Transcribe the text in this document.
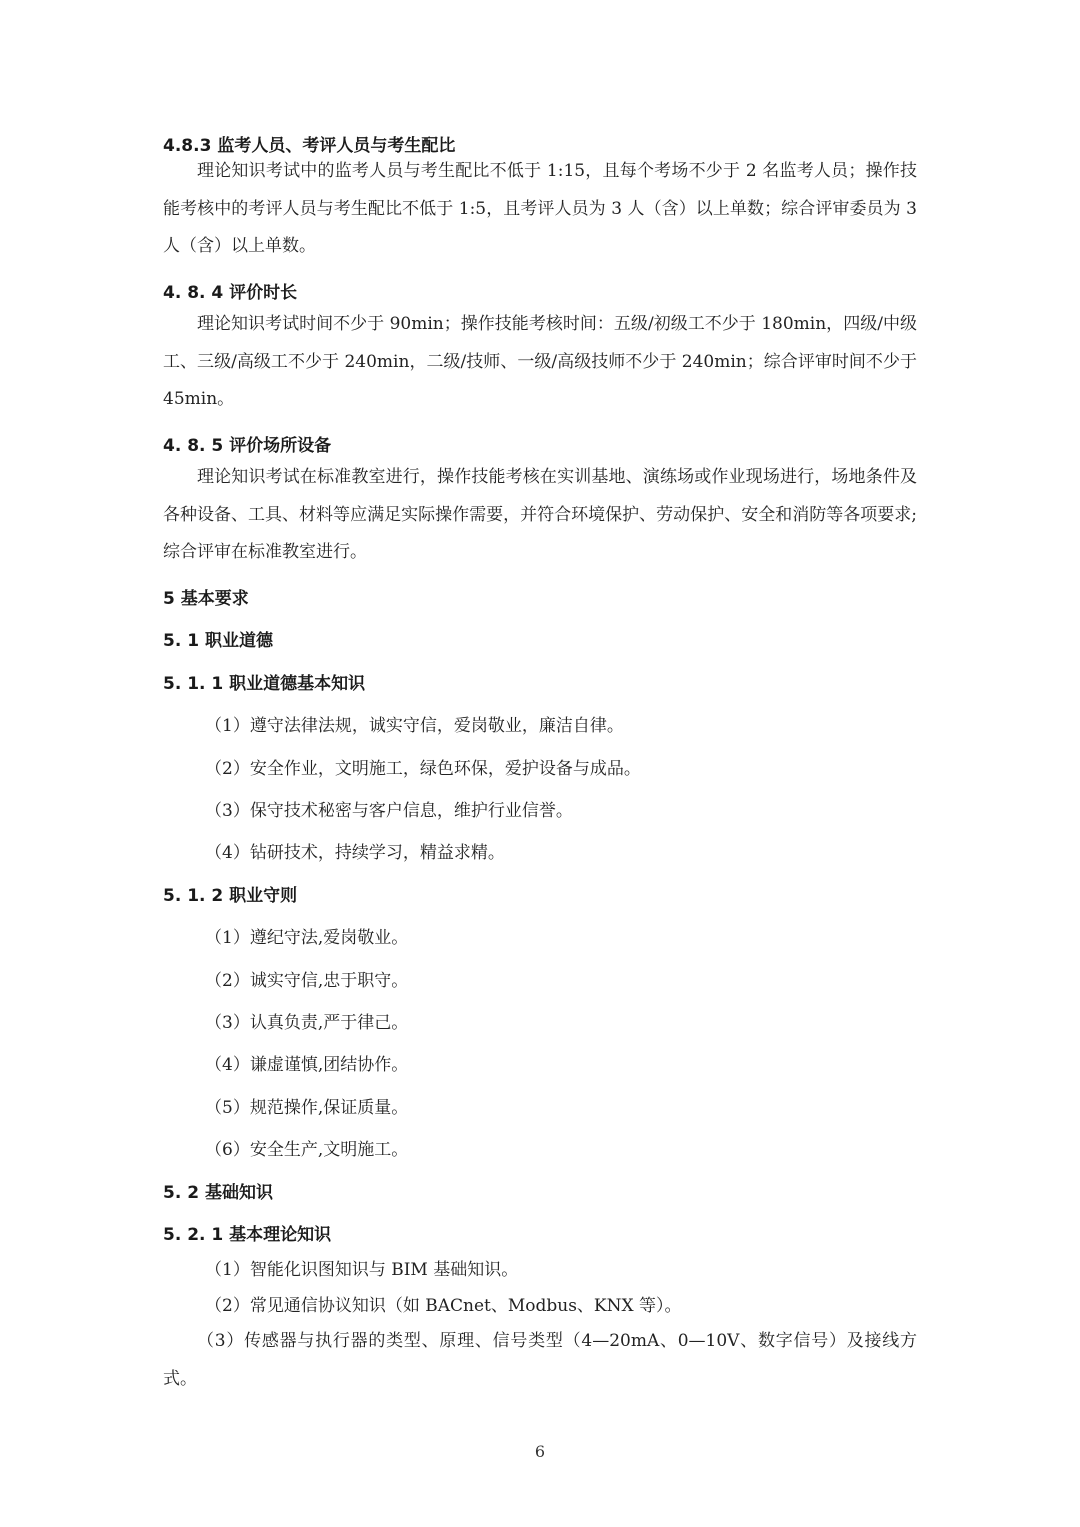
4.8.3 监考人员、考评人员与考生配比

理论知识考试中的监考人员与考生配比不低于 1:15，且每个考场不少于 2 名监考人员；操作技能考核中的考评人员与考生配比不低于 1:5，且考评人员为 3 人（含）以上单数；综合评审委员为 3 人（含）以上单数。

4. 8. 4 评价时长

理论知识考试时间不少于 90min；操作技能考核时间：五级/初级工不少于 180min，四级/中级工、三级/高级工不少于 240min，二级/技师、一级/高级技师不少于 240min；综合评审时间不少于 45min。

4. 8. 5 评价场所设备

理论知识考试在标准教室进行，操作技能考核在实训基地、演练场或作业现场进行，场地条件及各种设备、工具、材料等应满足实际操作需要，并符合环境保护、劳动保护、安全和消防等各项要求;综合评审在标准教室进行。

5 基本要求
5. 1 职业道德
5. 1. 1 职业道德基本知识
（1）遵守法律法规，诚实守信，爱岗敬业，廉洁自律。
（2）安全作业，文明施工，绿色环保，爱护设备与成品。
（3）保守技术秘密与客户信息，维护行业信誉。
（4）钻研技术，持续学习，精益求精。
5. 1. 2 职业守则
（1）遵纪守法,爱岗敬业。
（2）诚实守信,忠于职守。
（3）认真负责,严于律己。
（4）谦虚谨慎,团结协作。
（5）规范操作,保证质量。
（6）安全生产,文明施工。
5. 2 基础知识
5. 2. 1 基本理论知识
（1）智能化识图知识与 BIM 基础知识。
（2）常见通信协议知识（如 BACnet、Modbus、KNX 等）。

（3）传感器与执行器的类型、原理、信号类型（4—20mA、0—10V、数字信号）及接线方式。

6
